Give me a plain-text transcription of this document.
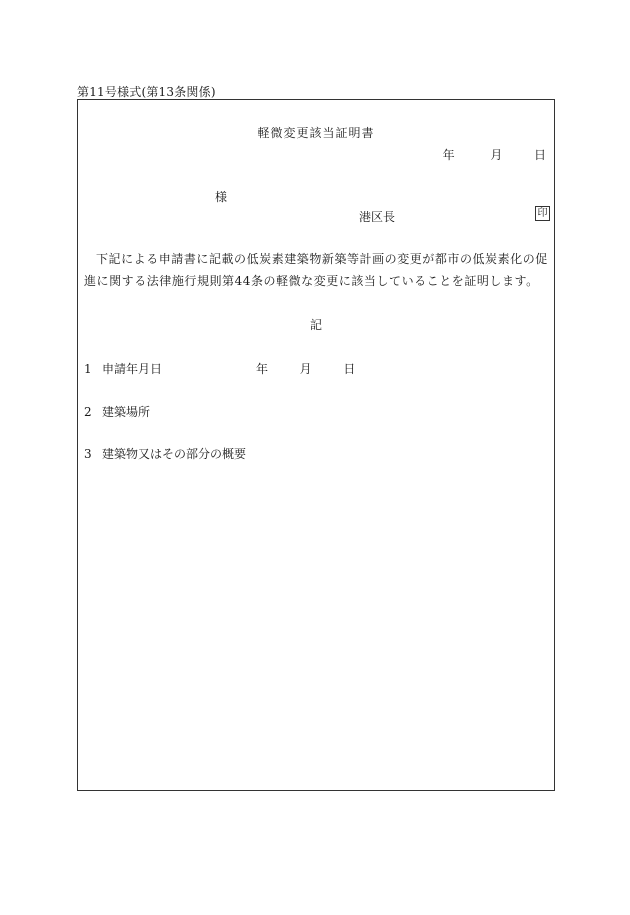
第11号様式(第13条関係)
軽微変更該当証明書
年	月	日
様
港区長	印
下記による申請書に記載の低炭素建築物新築等計画の変更が都市の低炭素化の促進に関する法律施行規則第44条の軽微な変更に該当していることを証明します。
記
1 申請年月日	年	月	日
2 建築場所
3 建築物又はその部分の概要
